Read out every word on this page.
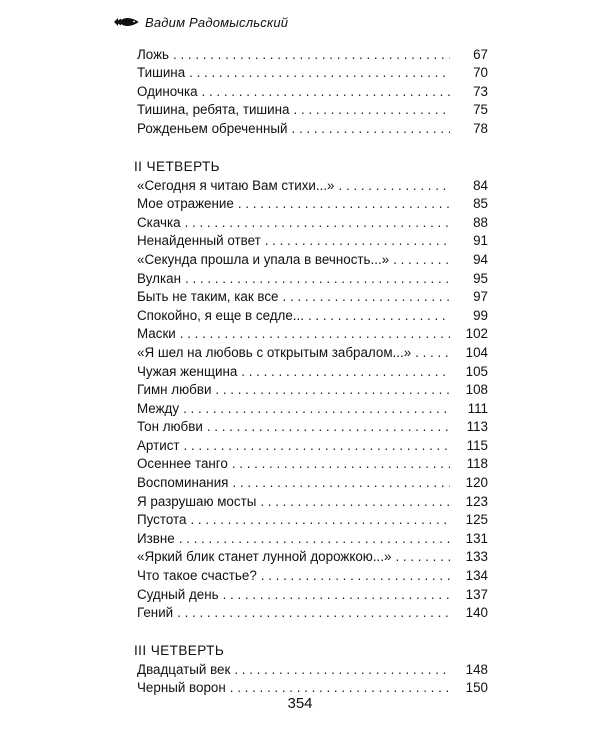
Вадим Радомысльский
Ложь . . .	67
Тишина . . .	70
Одиночка . . .	73
Тишина, ребята, тишина . . .	75
Рожденьем обреченный . . .	78
II ЧЕТВЕРТЬ
«Сегодня я читаю Вам стихи...» . . .	84
Мое отражение . . .	85
Скачка . . .	88
Ненайденный ответ . . .	91
«Секунда прошла и упала в вечность...» . . .	94
Вулкан . . .	95
Быть не таким, как все . . .	97
Спокойно, я еще в седле... . . .	99
Маски . . .	102
«Я шел на любовь с открытым забралом...» . . .	104
Чужая женщина . . .	105
Гимн любви . . .	108
Между . . .	111
Тон любви . . .	113
Артист . . .	115
Осеннее танго . . .	118
Воспоминания . . .	120
Я разрушаю мосты . . .	123
Пустота . . .	125
Извне . . .	131
«Яркий блик станет лунной дорожкою...» . . .	133
Что такое счастье? . . .	134
Судный день . . .	137
Гений . . .	140
III ЧЕТВЕРТЬ
Двадцатый век . . .	148
Черный ворон . . .	150
354
